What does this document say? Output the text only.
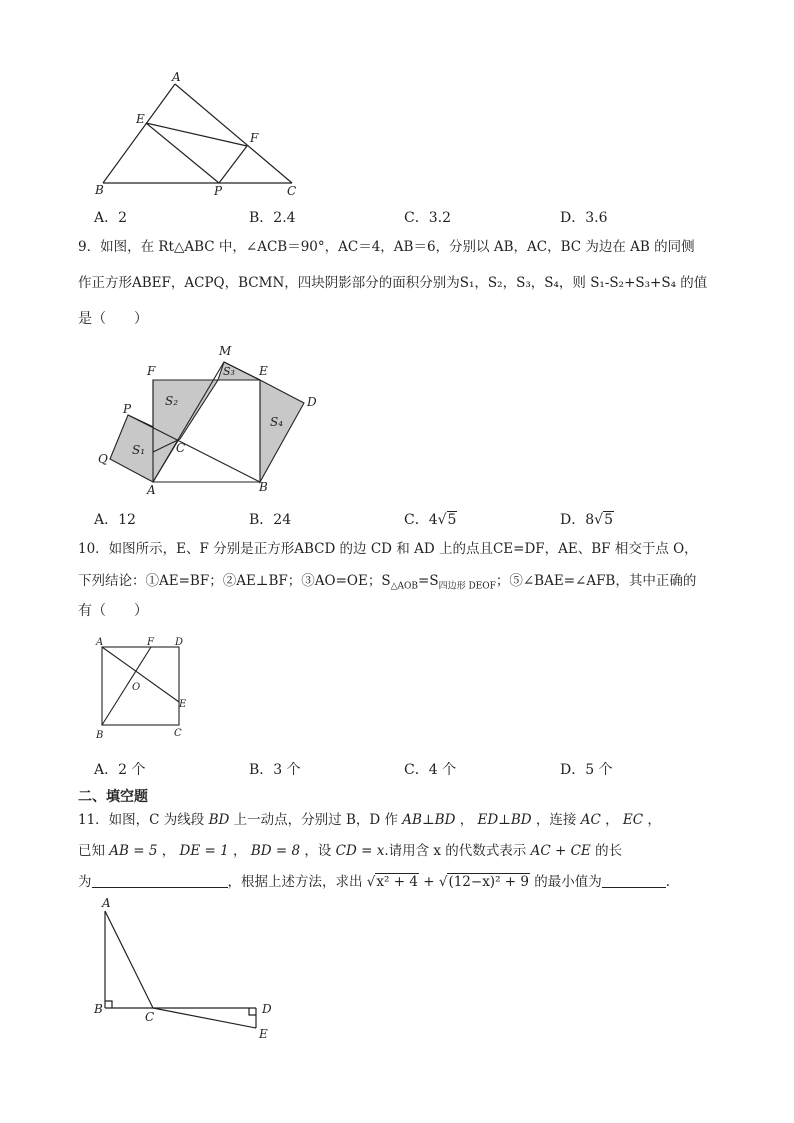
A
E
F
B	P	C
A．2	B．2.4	C．3.2	D．3.6
9．如图，在 Rt△ABC 中，∠ACB＝90°，AC＝4，AB＝6，分别以 AB，AC，BC 为边在 AB 的同侧
作正方形ABEF，ACPQ，BCMN，四块阴影部分的面积分别为S₁，S₂，S₃，S₄，则 S₁-S₂+S₃+S₄ 的值
是（　　）
M
F	E
D
P
C
Q
A	B
S₁
S₂
S₃
S₄
A．12	B．24	C．4√5	D．8√5
10．如图所示，E、F 分别是正方形ABCD 的边 CD 和 AD 上的点且CE=DF，AE、BF 相交于点 O，
下列结论：①AE=BF；②AE⊥BF；③AO=OE；$S_{\triangle AOB}=S_{四边形 DEOF}$；⑤∠BAE=∠AFB，其中正确的
有（　　）
A	F D
O
E
B	C
A．2 个	B．3 个	C．4 个	D．5 个
二、填空题
11．如图，C 为线段 BD 上一动点，分别过 B，D 作 AB⊥BD ， ED⊥BD ，连接 AC ， EC ，
已知 AB = 5 ， DE = 1 ， BD = 8 ，设 CD = x.请用含 x 的代数式表示 AC + CE 的长
为	，根据上述方法，求出 √x² + 4 + √(12−x)² + 9 的最小值为	.
A
B
C
D
E
